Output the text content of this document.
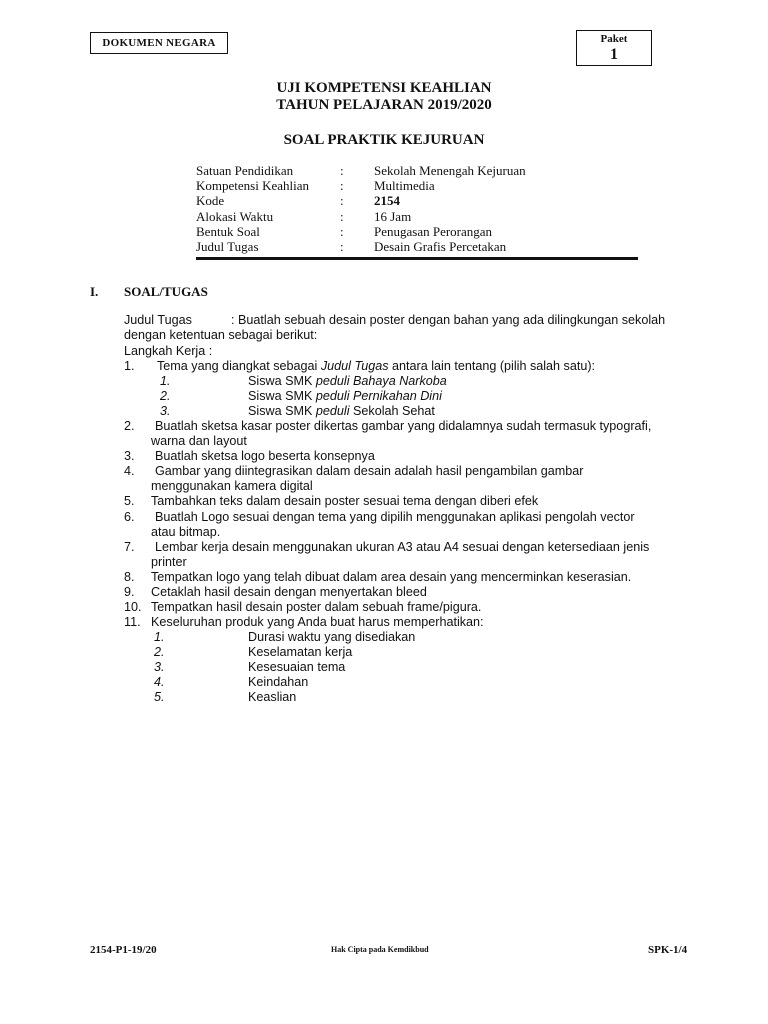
DOKUMEN NEGARA	Paket
1
UJI KOMPETENSI KEAHLIAN
TAHUN PELAJARAN 2019/2020
SOAL PRAKTIK KEJURUAN
Satuan Pendidikan	: Sekolah Menengah Kejuruan
Kompetensi Keahlian : Multimedia
Kode	: 2154
Alokasi Waktu	: 16 Jam
Bentuk Soal	: Penugasan Perorangan
Judul Tugas	: Desain Grafis Percetakan
I. SOAL/TUGAS
Judul Tugas	: Buatlah sebuah desain poster dengan bahan yang ada dilingkungan sekolah
dengan ketentuan sebagai berikut:
Langkah Kerja :
1. Tema yang diangkat sebagai Judul Tugas antara lain tentang (pilih salah satu):
1.	Siswa SMK peduli Bahaya Narkoba
2.	Siswa SMK peduli Pernikahan Dini
3.	Siswa SMK peduli Sekolah Sehat
2. Buatlah sketsa kasar poster dikertas gambar yang didalamnya sudah termasuk typografi,
warna dan layout
3. Buatlah sketsa logo beserta konsepnya
4. Gambar yang diintegrasikan dalam desain adalah hasil pengambilan gambar
menggunakan kamera digital
5. Tambahkan teks dalam desain poster sesuai tema dengan diberi efek
6. Buatlah Logo sesuai dengan tema yang dipilih menggunakan aplikasi pengolah vector
atau bitmap.
7. Lembar kerja desain menggunakan ukuran A3 atau A4 sesuai dengan ketersediaan jenis
printer
8. Tempatkan logo yang telah dibuat dalam area desain yang mencerminkan keserasian.
9. Cetaklah hasil desain dengan menyertakan bleed
10. Tempatkan hasil desain poster dalam sebuah frame/pigura.
11. Keseluruhan produk yang Anda buat harus memperhatikan:
1.	Durasi waktu yang disediakan
2.	Keselamatan kerja
3.	Kesesuaian tema
4.	Keindahan
5.	Keaslian
2154-P1-19/20	Hak Cipta pada Kemdikbud	SPK-1/4
